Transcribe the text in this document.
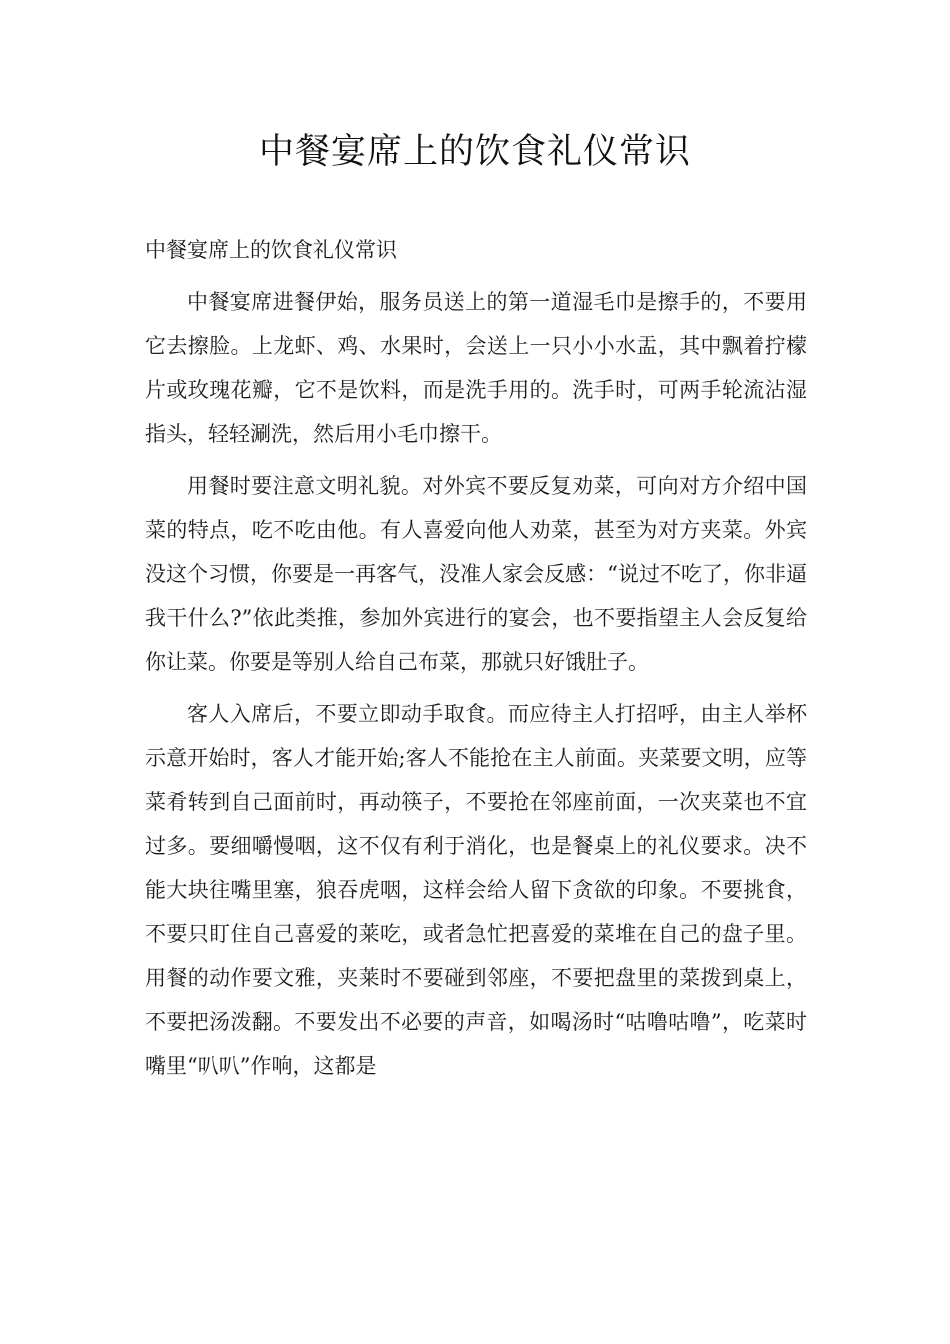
中餐宴席上的饮食礼仪常识

中餐宴席上的饮食礼仪常识

中餐宴席进餐伊始，服务员送上的第一道湿毛巾是擦手的，不要用它去擦脸。上龙虾、鸡、水果时，会送上一只小小水盂，其中飘着拧檬片或玫瑰花瓣，它不是饮料，而是洗手用的。洗手时，可两手轮流沾湿指头，轻轻涮洗，然后用小毛巾擦干。

用餐时要注意文明礼貌。对外宾不要反复劝菜，可向对方介绍中国菜的特点，吃不吃由他。有人喜爱向他人劝菜，甚至为对方夹菜。外宾没这个习惯，你要是一再客气，没准人家会反感：“说过不吃了，你非逼我干什么?”依此类推，参加外宾进行的宴会，也不要指望主人会反复给你让菜。你要是等别人给自己布菜，那就只好饿肚子。

客人入席后，不要立即动手取食。而应待主人打招呼，由主人举杯示意开始时，客人才能开始;客人不能抢在主人前面。夹菜要文明，应等菜肴转到自己面前时，再动筷子，不要抢在邻座前面，一次夹菜也不宜过多。要细嚼慢咽，这不仅有利于消化，也是餐桌上的礼仪要求。决不能大块往嘴里塞，狼吞虎咽，这样会给人留下贪欲的印象。不要挑食，不要只盯住自己喜爱的莱吃，或者急忙把喜爱的菜堆在自己的盘子里。用餐的动作要文雅，夹莱时不要碰到邻座，不要把盘里的菜拨到桌上，不要把汤泼翻。不要发出不必要的声音，如喝汤时“咕噜咕噜”，吃菜时嘴里“叭叭”作响，这都是
